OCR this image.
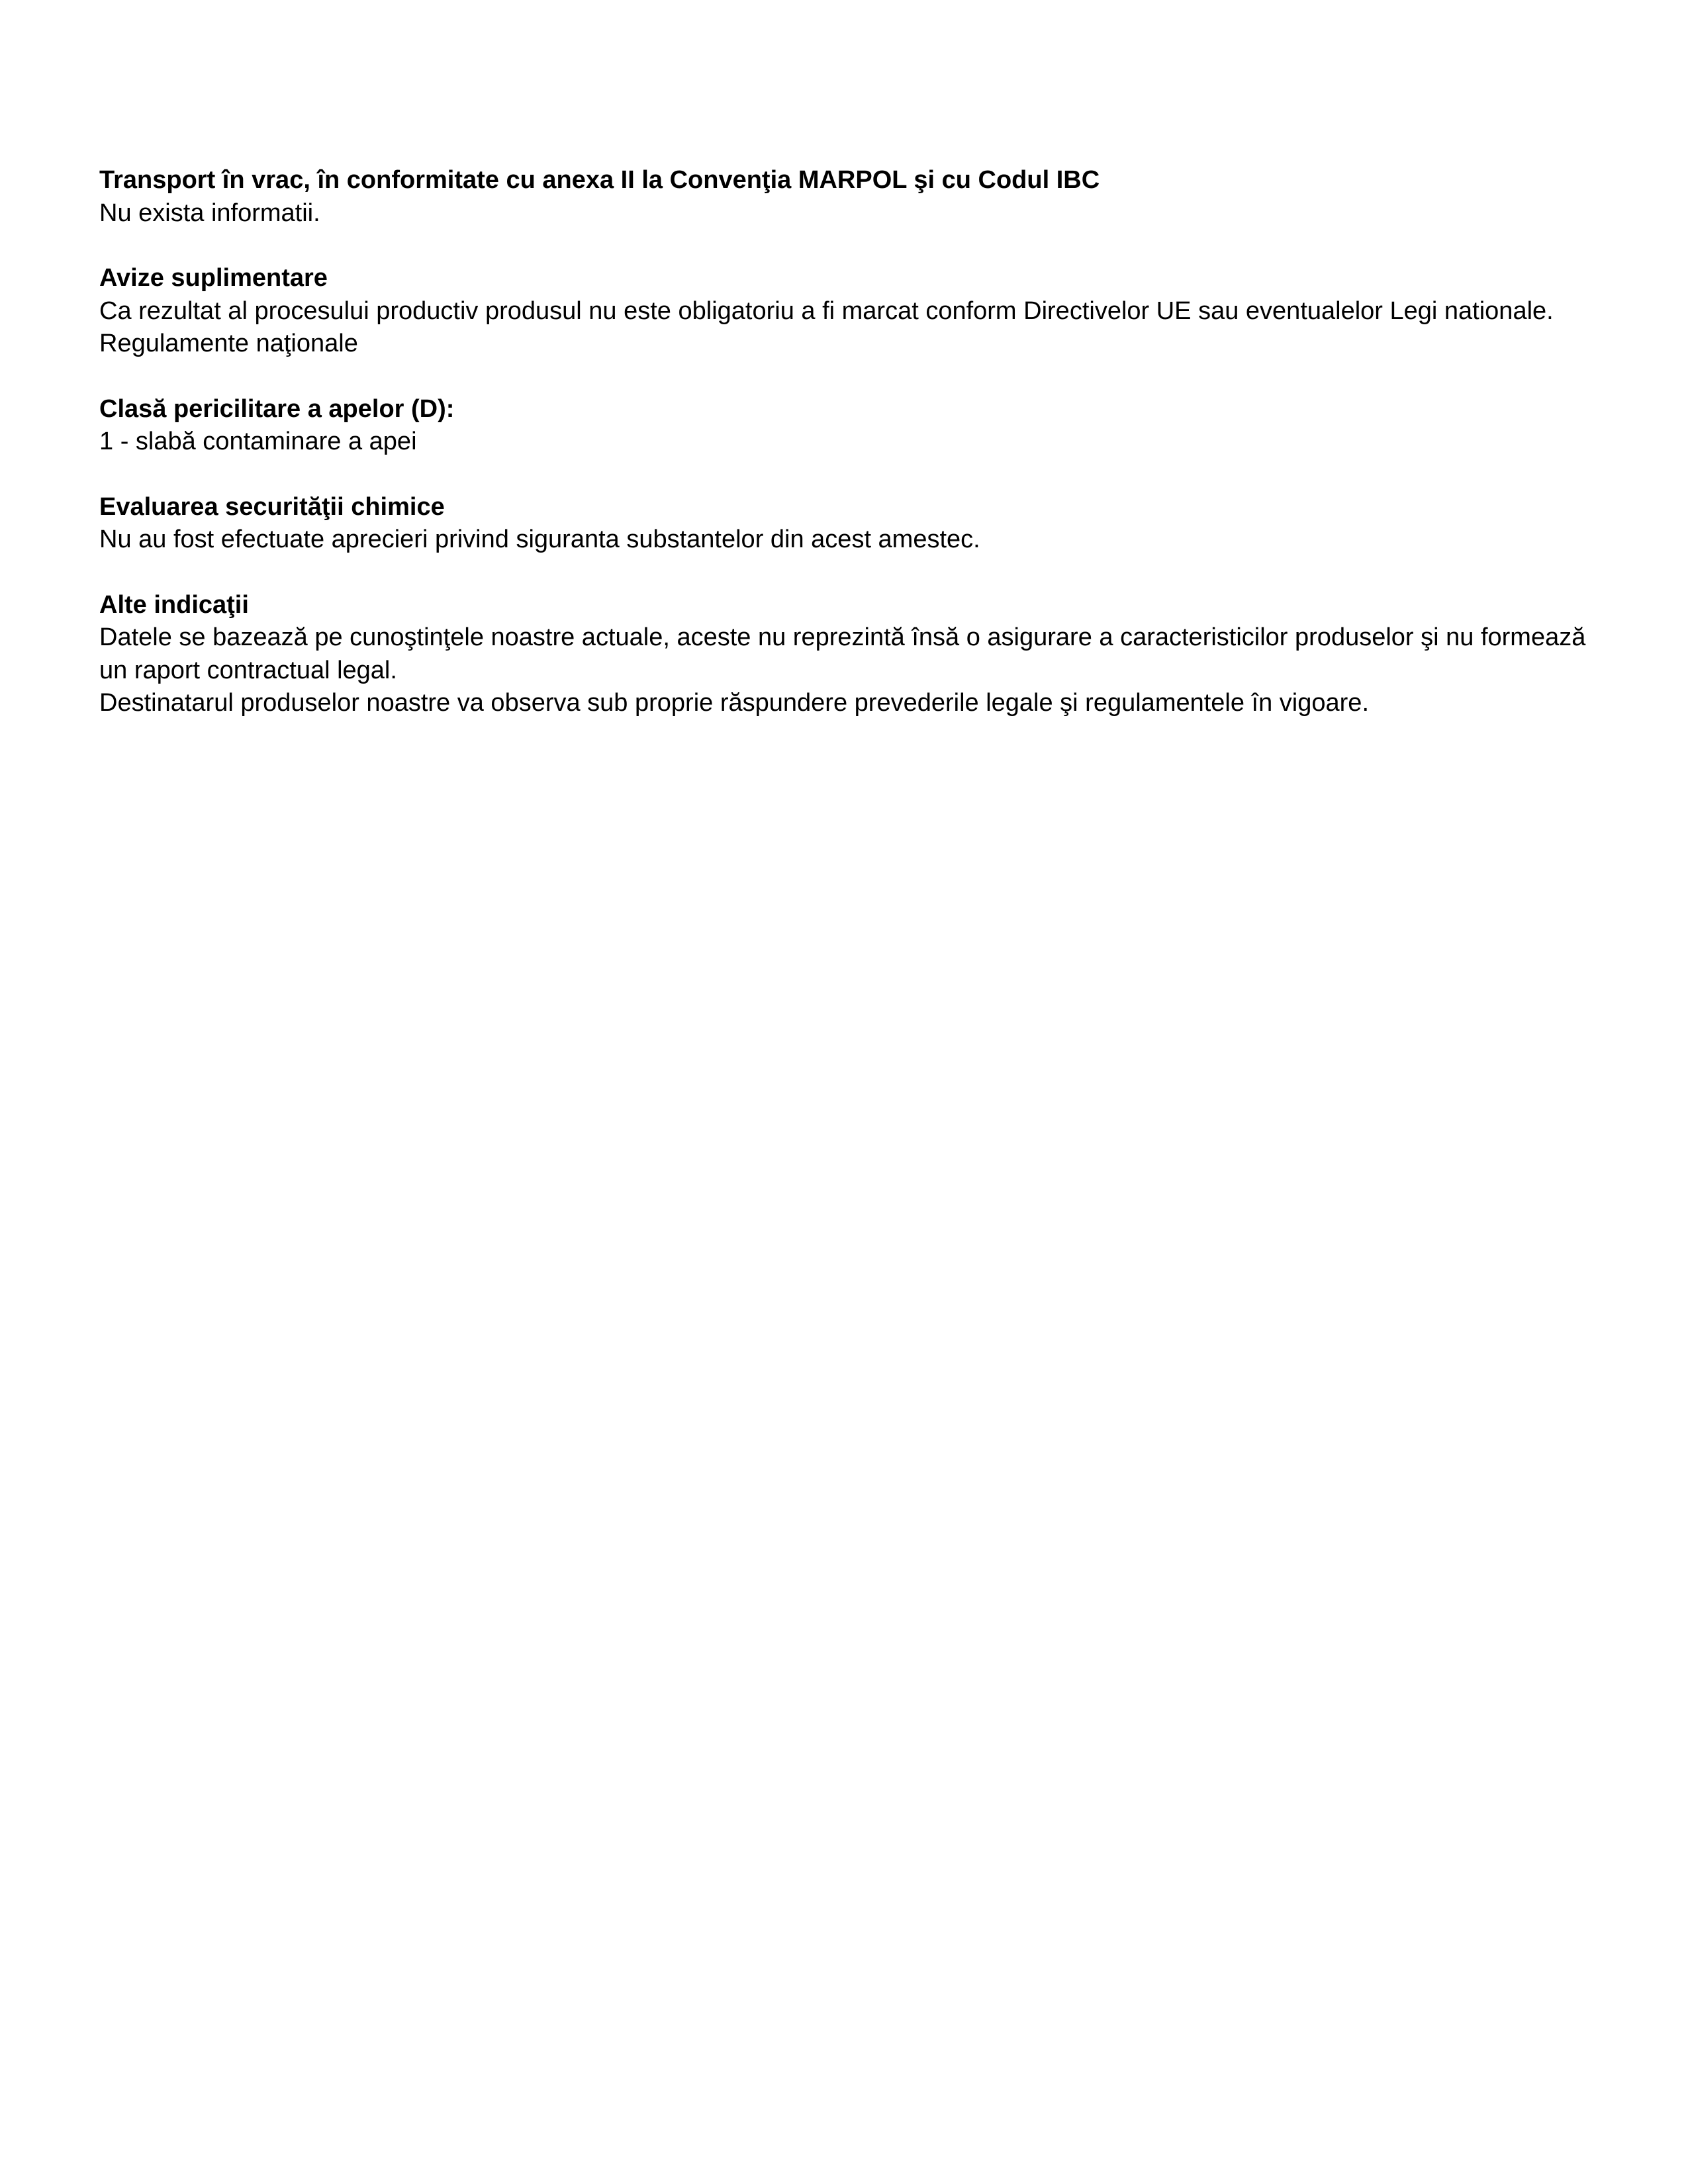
Transport în vrac, în conformitate cu anexa II la Convenţia MARPOL şi cu Codul IBC
Nu exista informatii.
Avize suplimentare
Ca rezultat al procesului productiv produsul nu este obligatoriu a fi marcat conform Directivelor UE sau eventualelor Legi nationale.
Regulamente naţionale
Clasă pericilitare a apelor (D):
1 - slabă contaminare a apei
Evaluarea securităţii chimice
Nu au fost efectuate aprecieri privind siguranta substantelor din acest amestec.
Alte indicaţii
Datele se bazează pe cunoştinţele noastre actuale, aceste nu reprezintă însă o asigurare a caracteristicilor produselor şi nu formează
un raport contractual legal.
Destinatarul produselor noastre va observa sub proprie răspundere prevederile legale şi regulamentele în vigoare.
